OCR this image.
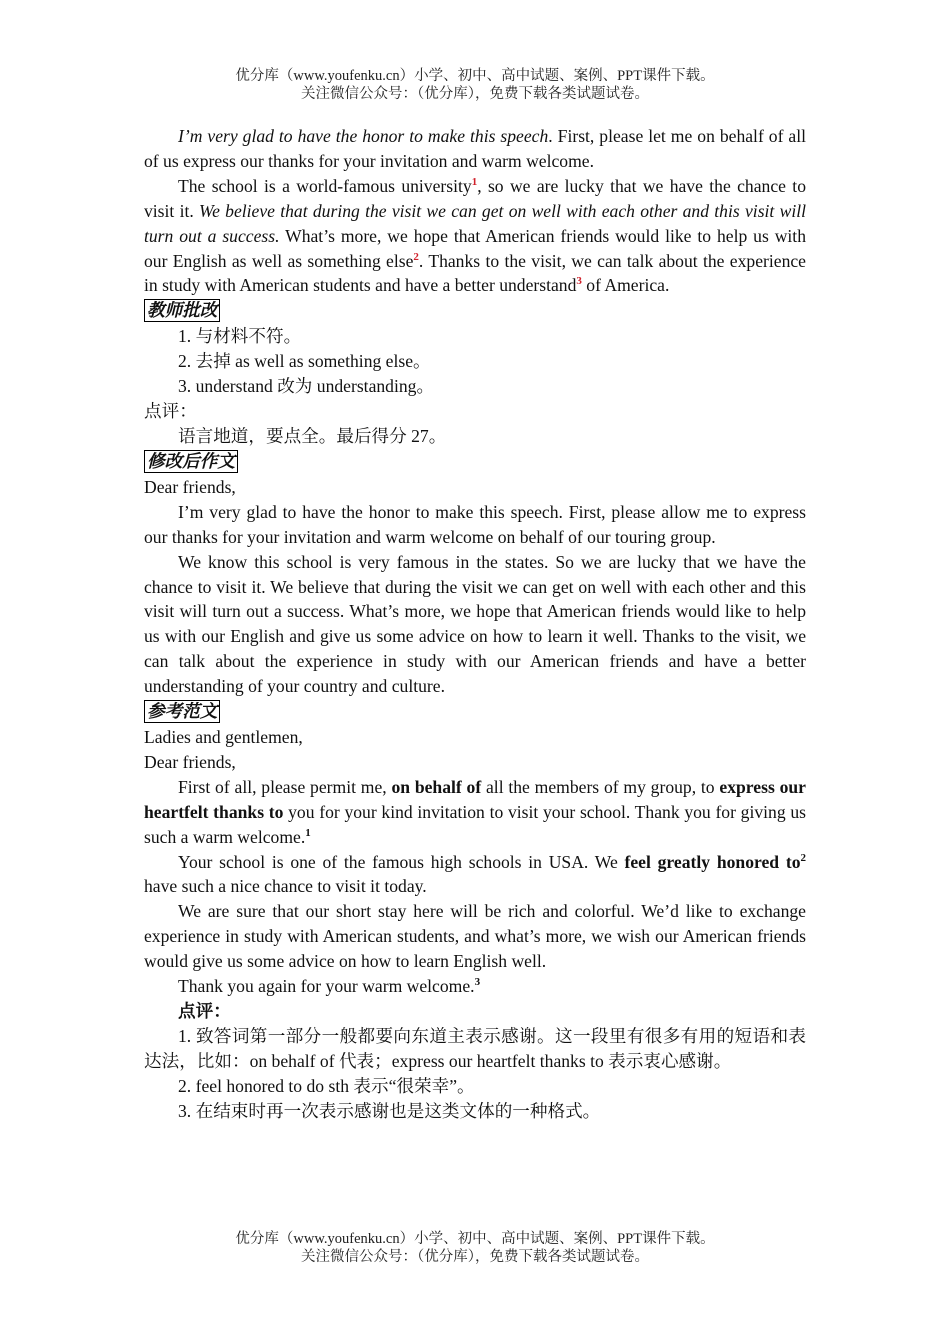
优分库（www.youfenku.cn）小学、初中、高中试题、案例、PPT课件下载。
关注微信公众号：（优分库），免费下载各类试题试卷。

I’m very glad to have the honor to make this speech. First, please let me on behalf of all of us express our thanks for your invitation and warm welcome.

The school is a world-famous university$^1$, so we are lucky that we have the chance to visit it. We believe that during the visit we can get on well with each other and this visit will turn out a success. What’s more, we hope that American friends would like to help us with our English as well as something else$^2$. Thanks to the visit, we can talk about the experience in study with American students and have a better understand$^3$ of America.

教师批改

1. 与材料不符。

2. 去掉 as well as something else。

3. understand 改为 understanding。

点评：

语言地道，要点全。最后得分 27。

修改后作文

Dear friends,

I’m very glad to have the honor to make this speech. First, please allow me to express our thanks for your invitation and warm welcome on behalf of our touring group.

We know this school is very famous in the states. So we are lucky that we have the chance to visit it. We believe that during the visit we can get on well with each other and this visit will turn out a success. What’s more, we hope that American friends would like to help us with our English and give us some advice on how to learn it well. Thanks to the visit, we can talk about the experience in study with our American friends and have a better understanding of your country and culture.

参考范文

Ladies and gentlemen,

Dear friends,

First of all, please permit me, on behalf of all the members of my group, to express our heartfelt thanks to you for your kind invitation to visit your school. Thank you for giving us such a warm welcome.$^1$

Your school is one of the famous high schools in USA. We feel greatly honored $to^2$ have such a nice chance to visit it today.

We are sure that our short stay here will be rich and colorful. We’d like to exchange experience in study with American students, and what’s more, we wish our American friends would give us some advice on how to learn English well.

Thank you again for your warm welcome.$^3$

点评：

1. 致答词第一部分一般都要向东道主表示感谢。这一段里有很多有用的短语和表达法，比如：on behalf of 代表；express our heartfelt thanks to 表示衷心感谢。

2. feel honored to do sth 表示“很荣幸”。

3. 在结束时再一次表示感谢也是这类文体的一种格式。

优分库（www.youfenku.cn）小学、初中、高中试题、案例、PPT课件下载。
关注微信公众号：（优分库），免费下载各类试题试卷。
